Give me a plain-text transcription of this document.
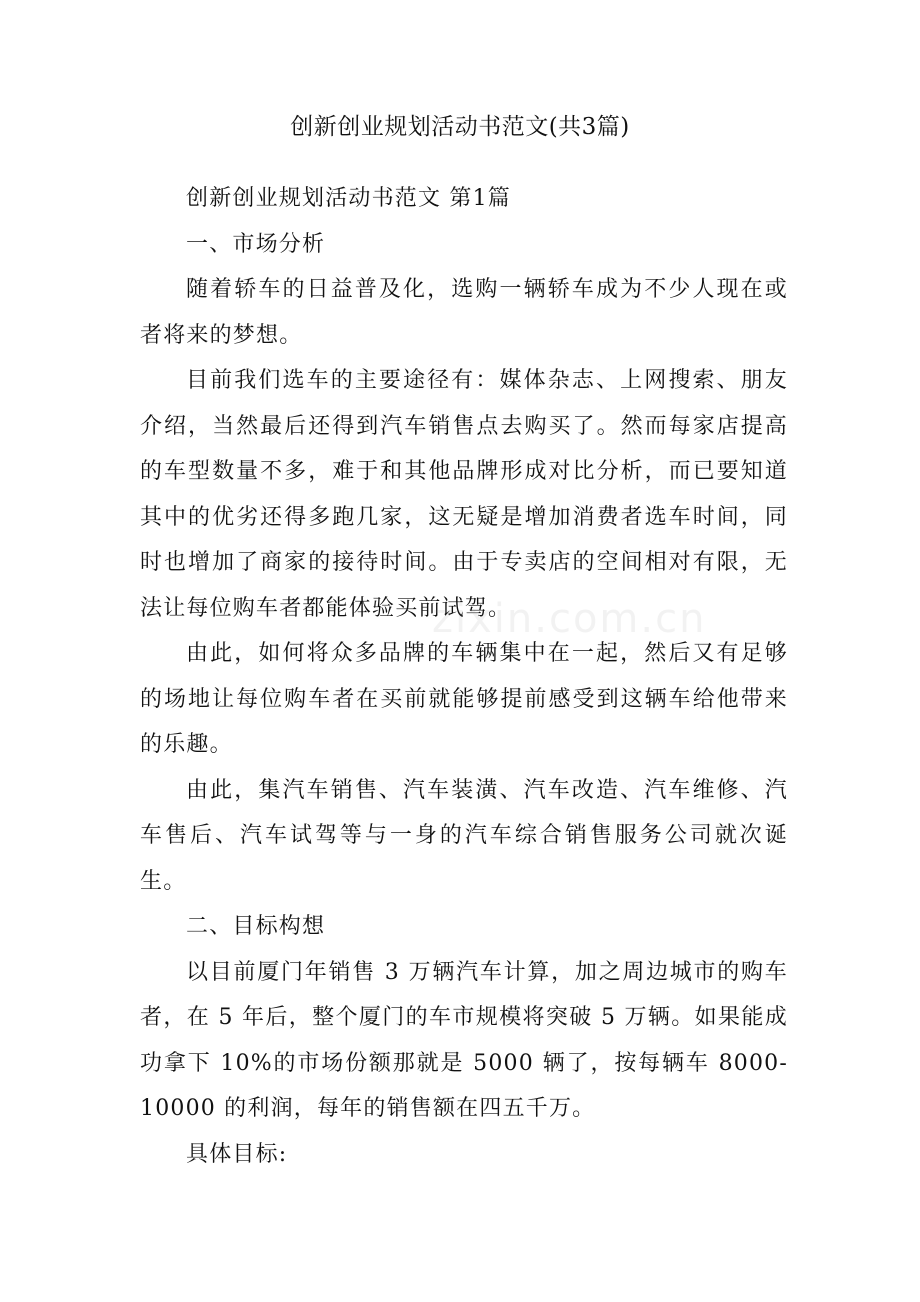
创新创业规划活动书范文(共3篇)

创新创业规划活动书范文 第1篇

一、市场分析

随着轿车的日益普及化，选购一辆轿车成为不少人现在或者将来的梦想。

目前我们选车的主要途径有：媒体杂志、上网搜索、朋友介绍，当然最后还得到汽车销售点去购买了。然而每家店提高的车型数量不多，难于和其他品牌形成对比分析，而已要知道其中的优劣还得多跑几家，这无疑是增加消费者选车时间，同时也增加了商家的接待时间。由于专卖店的空间相对有限，无法让每位购车者都能体验买前试驾。

由此，如何将众多品牌的车辆集中在一起，然后又有足够的场地让每位购车者在买前就能够提前感受到这辆车给他带来的乐趣。

由此，集汽车销售、汽车装潢、汽车改造、汽车维修、汽车售后、汽车试驾等与一身的汽车综合销售服务公司就次诞生。

二、目标构想

以目前厦门年销售 3 万辆汽车计算，加之周边城市的购车者，在 5 年后，整个厦门的车市规模将突破 5 万辆。如果能成功拿下 10%的市场份额那就是 5000 辆了，按每辆车 8000-10000 的利润，每年的销售额在四五千万。

具体目标:

zixin.com.cn
